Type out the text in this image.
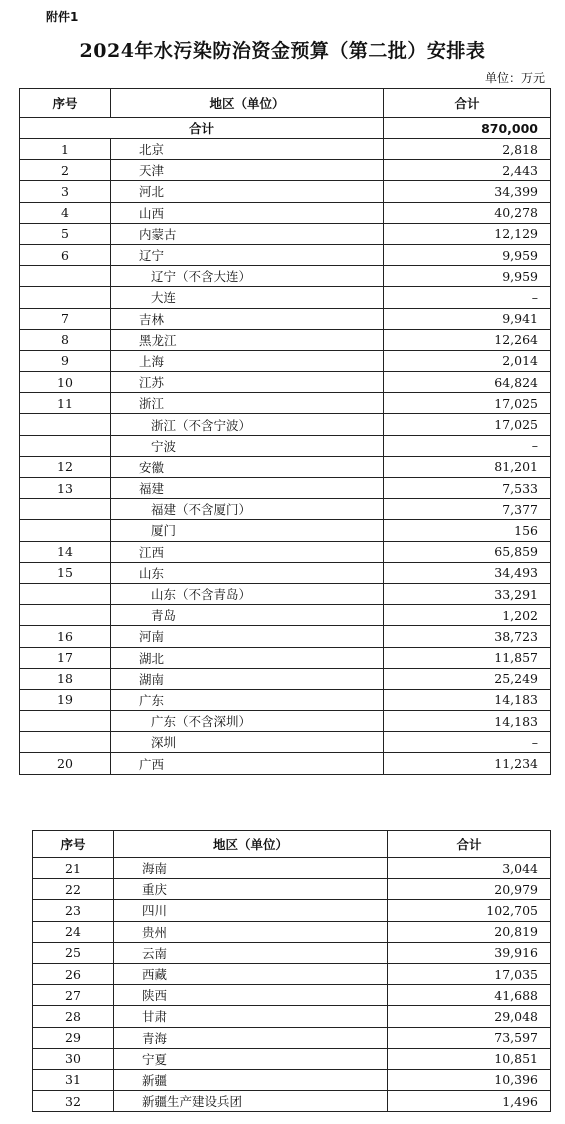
附件1
2024年水污染防治资金预算（第二批）安排表
单位：万元
序号	地区（单位）	合计
合计		870,000
1	北京	2,818
2	天津	2,443
3	河北	34,399
4	山西	40,278
5	内蒙古	12,129
6	辽宁	9,959
	辽宁（不含大连）	9,959
	大连	–
7	吉林	9,941
8	黑龙江	12,264
9	上海	2,014
10	江苏	64,824
11	浙江	17,025
	浙江（不含宁波）	17,025
	宁波	–
12	安徽	81,201
13	福建	7,533
	福建（不含厦门）	7,377
	厦门	156
14	江西	65,859
15	山东	34,493
	山东（不含青岛）	33,291
	青岛	1,202
16	河南	38,723
17	湖北	11,857
18	湖南	25,249
19	广东	14,183
	广东（不含深圳）	14,183
	深圳	–
20	广西	11,234
序号	地区（单位）	合计
21	海南	3,044
22	重庆	20,979
23	四川	102,705
24	贵州	20,819
25	云南	39,916
26	西藏	17,035
27	陕西	41,688
28	甘肃	29,048
29	青海	73,597
30	宁夏	10,851
31	新疆	10,396
32	新疆生产建设兵团	1,496
